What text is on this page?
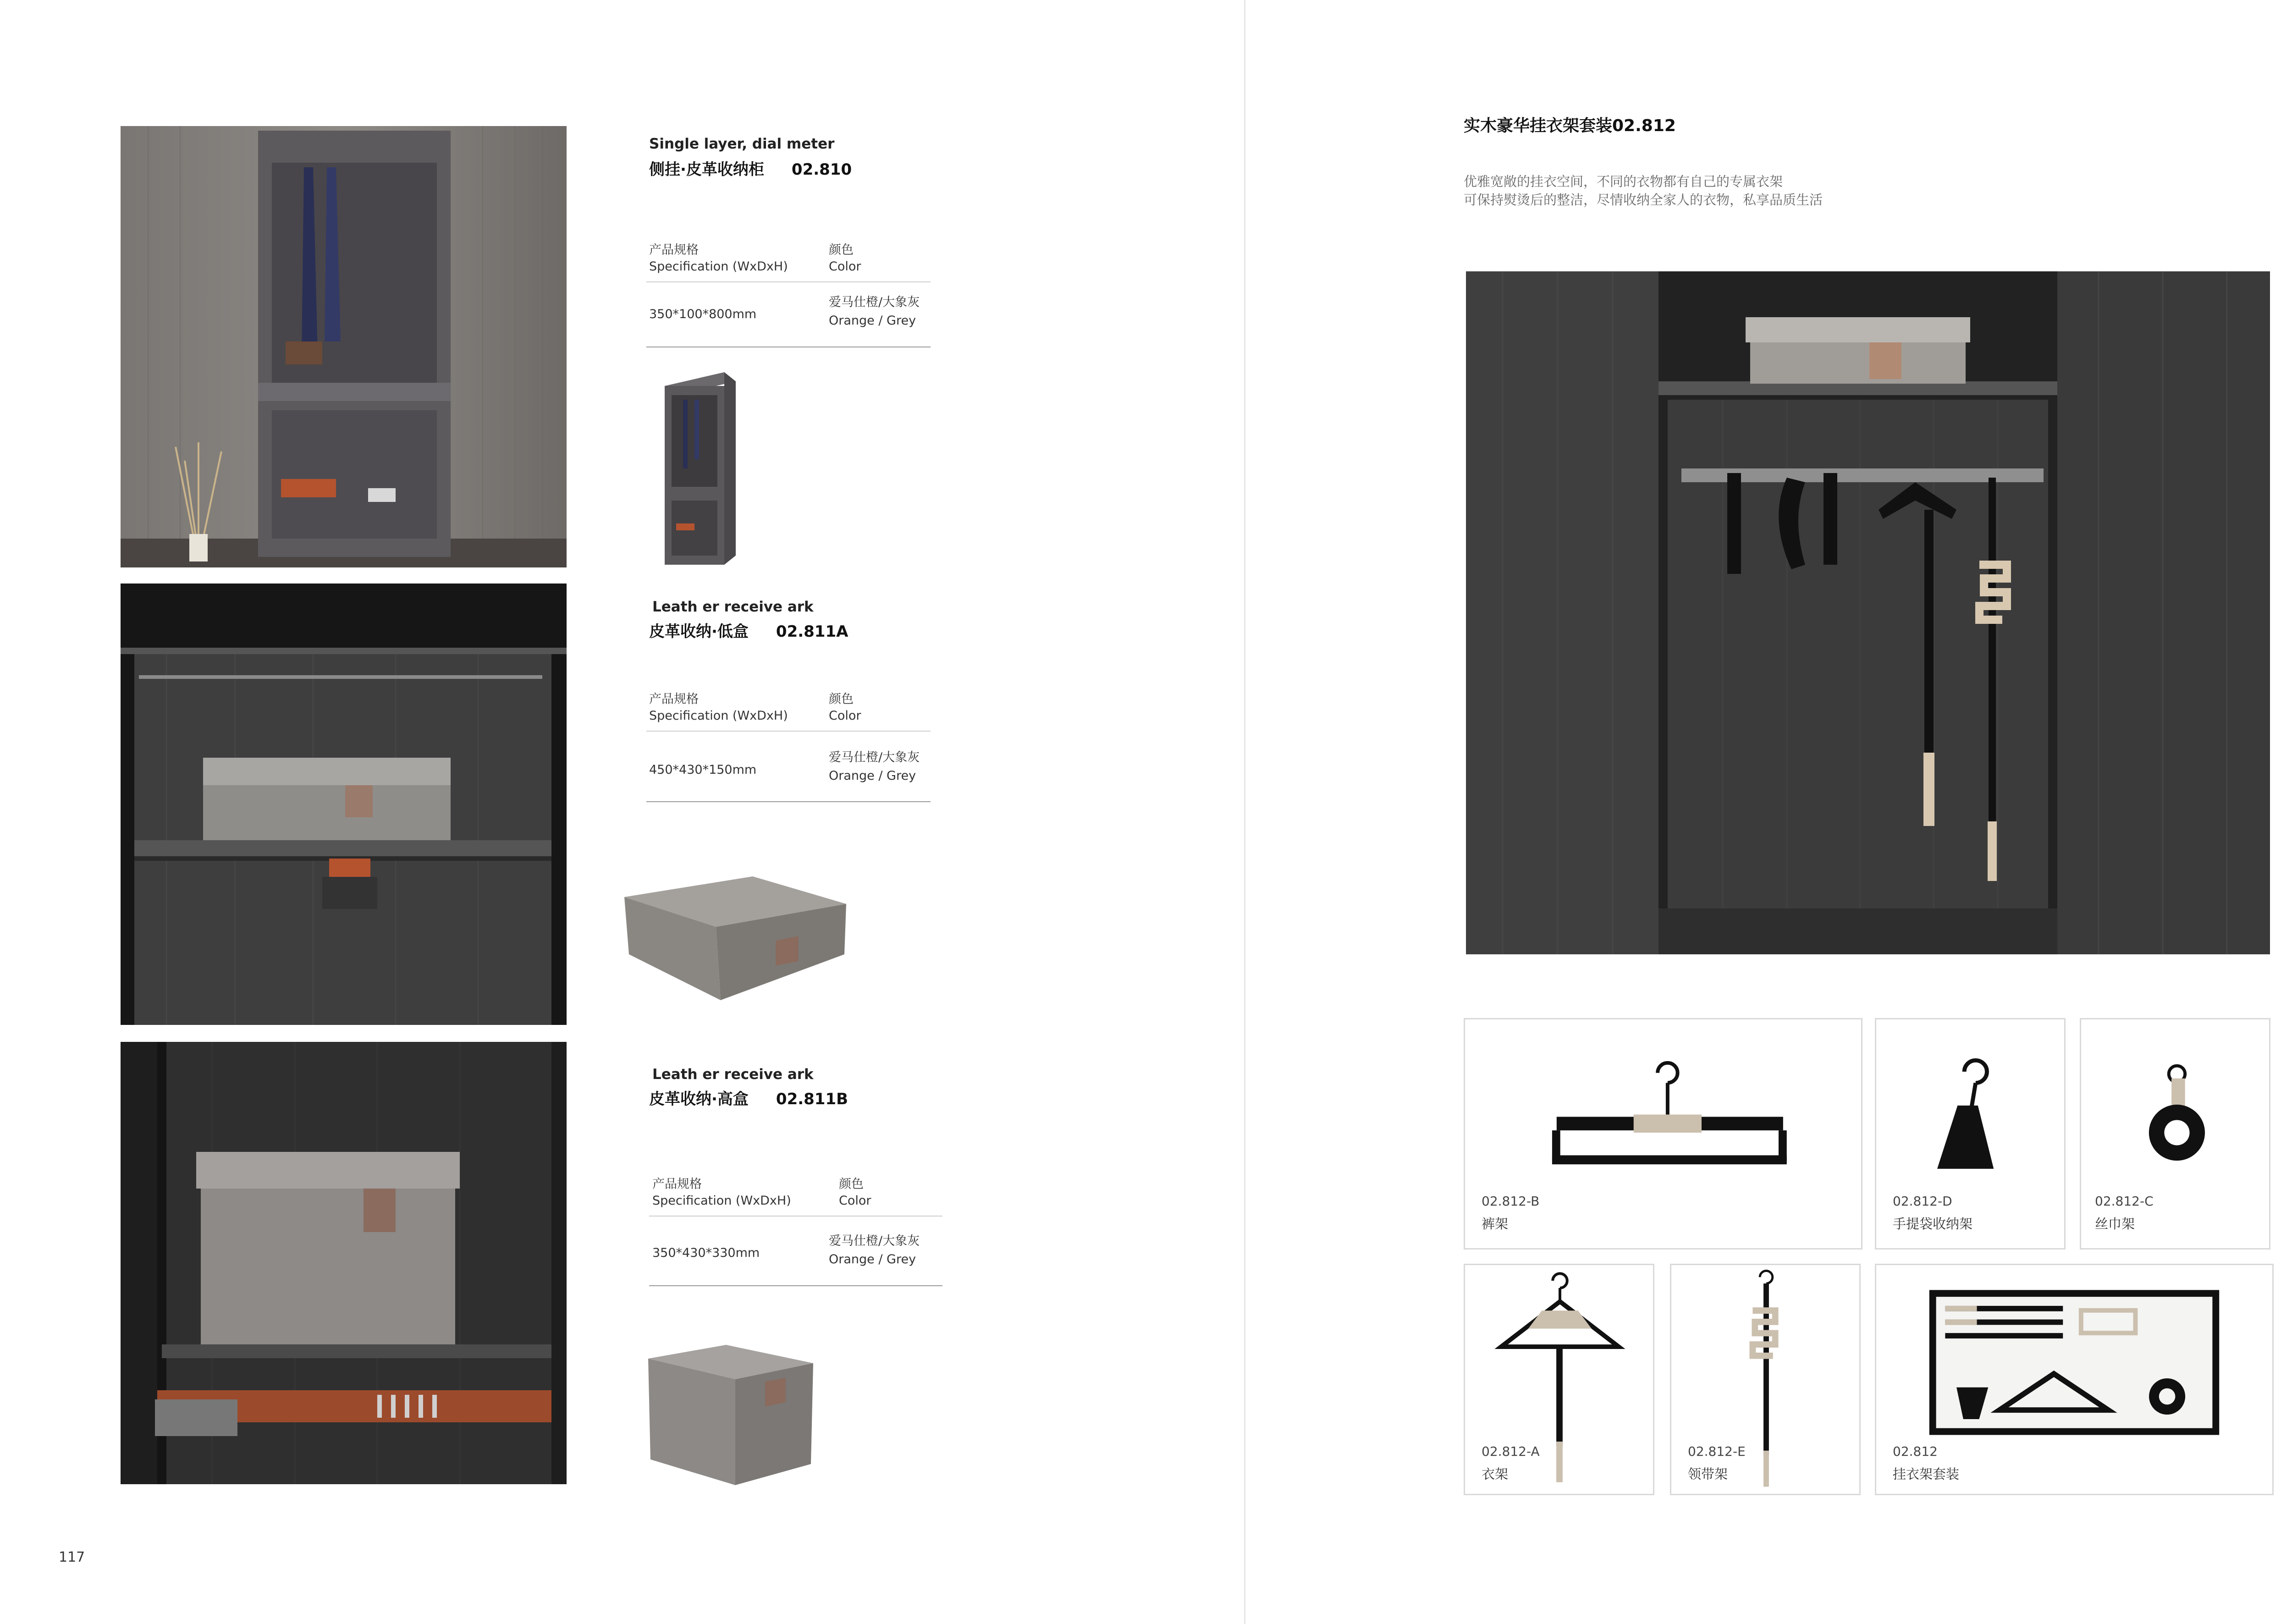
Single layer, dial meter
侧挂·皮革收纳柜 02.810
产品规格
Specification (WxDxH)
颜色
Color
350*100*800mm
爱马仕橙/大象灰
Orange / Grey
Leath er receive ark
皮革收纳·低盒 02.811A
产品规格
Specification (WxDxH)
颜色
Color
450*430*150mm
爱马仕橙/大象灰
Orange / Grey
Leath er receive ark
皮革收纳·高盒 02.811B
产品规格
Specification (WxDxH)
颜色
Color
350*430*330mm
爱马仕橙/大象灰
Orange / Grey
117
实木豪华挂衣架套装02.812
优雅宽敞的挂衣空间，不同的衣物都有自己的专属衣架
可保持熨烫后的整洁，尽情收纳全家人的衣物，私享品质生活
02.812-B
裤架
02.812-D
手提袋收纳架
02.812-C
丝巾架
02.812-A
衣架
02.812-E
领带架
02.812
挂衣架套装
